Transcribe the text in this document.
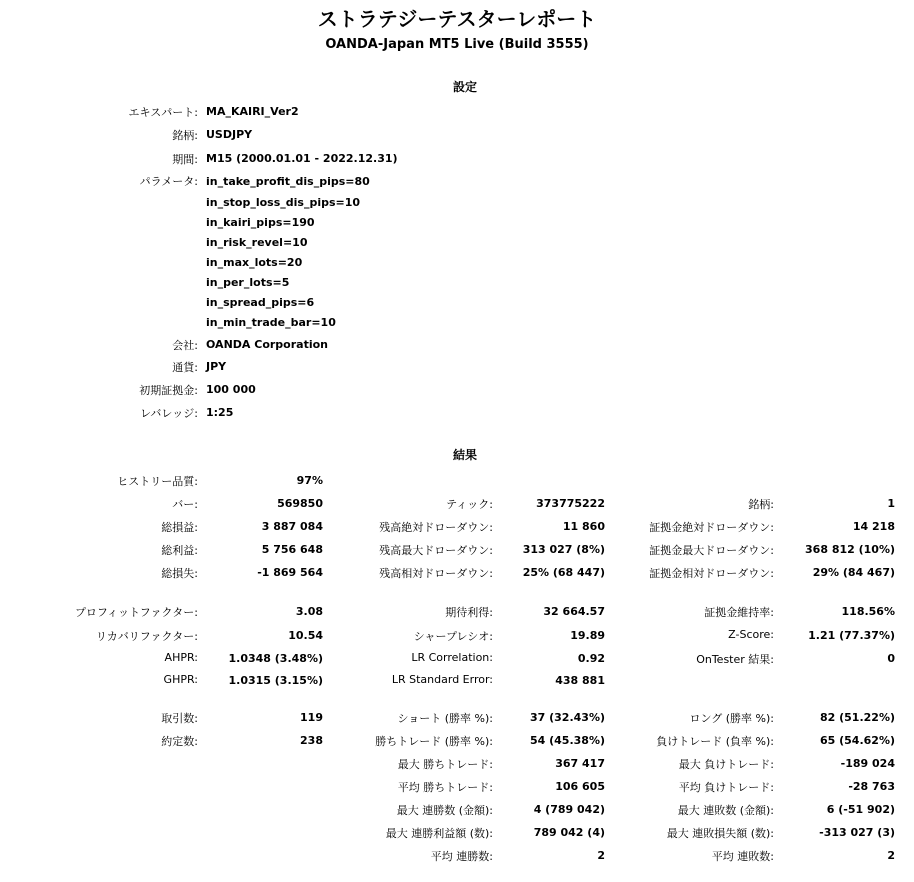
ストラテジーテスターレポート
OANDA-Japan MT5 Live (Build 3555)
設定
エキスパート: MA_KAIRI_Ver2
銘柄: USDJPY
期間: M15 (2000.01.01 - 2022.12.31)
パラメータ: in_take_profit_dis_pips=80
in_stop_loss_dis_pips=10
in_kairi_pips=190
in_risk_revel=10
in_max_lots=20
in_per_lots=5
in_spread_pips=6
in_min_trade_bar=10
会社: OANDA Corporation
通貨: JPY
初期証拠金: 100 000
レバレッジ: 1:25
結果
ヒストリー品質:	97%
バー:	569850	ティック:	373775222	銘柄:	1
総損益:	3 887 084	残高絶対ドローダウン:	11 860	証拠金絶対ドローダウン:	14 218
総利益:	5 756 648	残高最大ドローダウン:	313 027 (8%)	証拠金最大ドローダウン:	368 812 (10%)
総損失:	-1 869 564	残高相対ドローダウン:	25% (68 447)	証拠金相対ドローダウン:	29% (84 467)
プロフィットファクター:	3.08	期待利得:	32 664.57	証拠金維持率:	118.56%
リカバリファクター:	10.54	シャープレシオ:	19.89	Z-Score:	1.21 (77.37%)
AHPR:	1.0348 (3.48%)	LR Correlation:	0.92	OnTester 結果:	0
GHPR:	1.0315 (3.15%)	LR Standard Error:	438 881
取引数:	119	ショート (勝率 %):	37 (32.43%)	ロング (勝率 %):	82 (51.22%)
約定数:	238	勝ちトレード (勝率 %):	54 (45.38%)	負けトレード (負率 %):	65 (54.62%)
最大 勝ちトレード:	367 417	最大 負けトレード:	-189 024
平均 勝ちトレード:	106 605	平均 負けトレード:	-28 763
最大 連勝数 (金額):	4 (789 042)	最大 連敗数 (金額):	6 (-51 902)
最大 連勝利益額 (数):	789 042 (4)	最大 連敗損失額 (数):	-313 027 (3)
平均 連勝数:	2	平均 連敗数:	2
